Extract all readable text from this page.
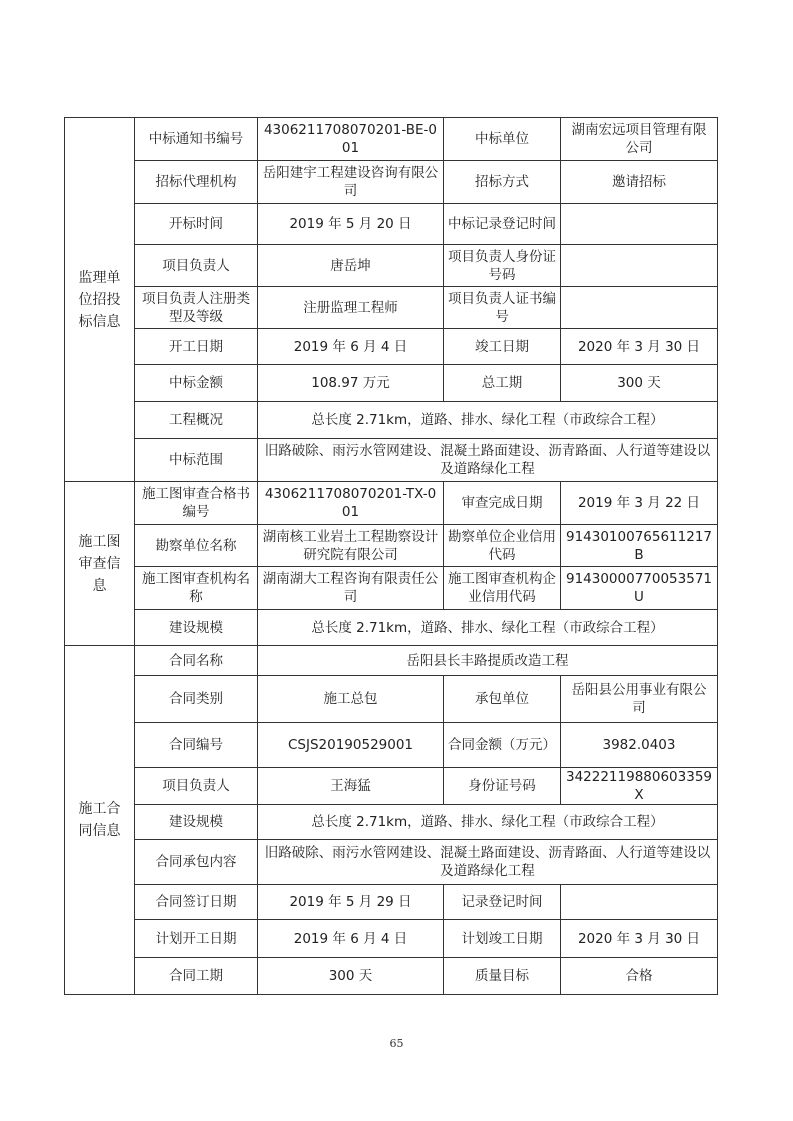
监理单位招投标信息	中标通知书编号	4306211708070201-BE-001	中标单位	湖南宏远项目管理有限公司
	招标代理机构	岳阳建宇工程建设咨询有限公司	招标方式	邀请招标
	开标时间	2019 年 5 月 20 日	中标记录登记时间	
	项目负责人	唐岳坤	项目负责人身份证号码	
	项目负责人注册类型及等级	注册监理工程师	项目负责人证书编号	
	开工日期	2019 年 6 月 4 日	竣工日期	2020 年 3 月 30 日
	中标金额	108.97 万元	总工期	300 天
	工程概况	总长度 2.71km，道路、排水、绿化工程（市政综合工程）		
	中标范围	旧路破除、雨污水管网建设、混凝土路面建设、沥青路面、人行道等建设以及道路绿化工程		
施工图审查信息	施工图审查合格书编号	4306211708070201-TX-001	审查完成日期	2019 年 3 月 22 日
	勘察单位名称	湖南核工业岩土工程勘察设计研究院有限公司	勘察单位企业信用代码	91430100765611217B
	施工图审查机构名称	湖南湖大工程咨询有限责任公司	施工图审查机构企业信用代码	91430000770053571U
	建设规模	总长度 2.71km，道路、排水、绿化工程（市政综合工程）		
施工合同信息	合同名称	岳阳县长丰路提质改造工程		
	合同类别	施工总包	承包单位	岳阳县公用事业有限公司
	合同编号	CSJS20190529001	合同金额（万元）	3982.0403
	项目负责人	王海猛	身份证号码	34222119880603359X
	建设规模	总长度 2.71km，道路、排水、绿化工程（市政综合工程）		
	合同承包内容	旧路破除、雨污水管网建设、混凝土路面建设、沥青路面、人行道等建设以及道路绿化工程		
	合同签订日期	2019 年 5 月 29 日	记录登记时间	
	计划开工日期	2019 年 6 月 4 日	计划竣工日期	2020 年 3 月 30 日
	合同工期	300 天	质量目标	合格
65
